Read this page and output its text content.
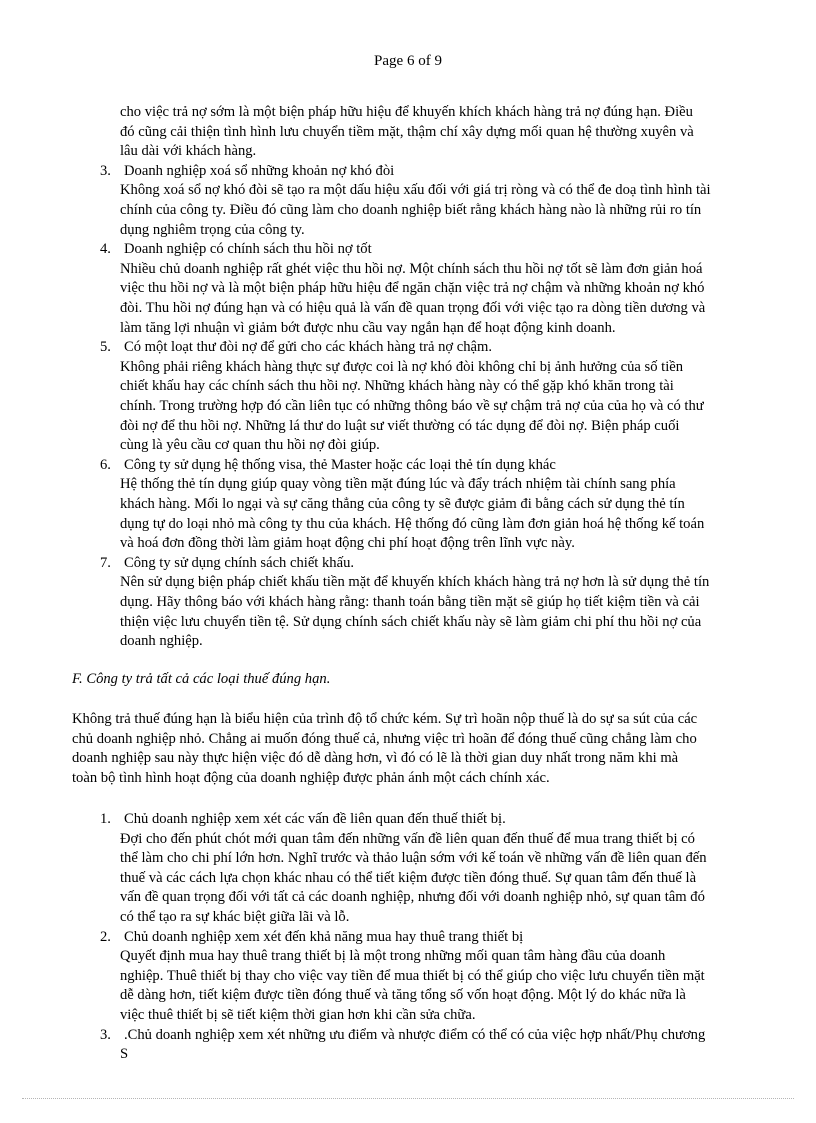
Page 6 of 9
cho việc trả nợ sớm là một biện pháp hữu hiệu để khuyến khích khách hàng trả nợ đúng hạn. Điều
đó cũng cải thiện tình hình lưu chuyển tiềm mặt, thậm chí xây dựng mối quan hệ thường xuyên và
lâu dài với khách hàng.
3. Doanh nghiệp xoá sổ những khoản nợ khó đòi
Không xoá sổ nợ khó đòi sẽ tạo ra một dấu hiệu xấu đối với giá trị ròng và có thể đe doạ tình hình tài
chính của công ty. Điều đó cũng làm cho doanh nghiệp biết rằng khách hàng nào là những rủi ro tín
dụng nghiêm trọng của công ty.
4. Doanh nghiệp có chính sách thu hồi nợ tốt
Nhiều chủ doanh nghiệp rất ghét việc thu hồi nợ. Một chính sách thu hồi nợ tốt sẽ làm đơn giản hoá
việc thu hồi nợ và là một biện pháp hữu hiệu để ngăn chặn việc trả nợ chậm và những khoản nợ khó
đòi. Thu hồi nợ đúng hạn và có hiệu quả là vấn đề quan trọng đối với việc tạo ra dòng tiền dương và
làm tăng lợi nhuận vì giảm bớt được nhu cầu vay ngắn hạn để hoạt động kinh doanh.
5. Có một loạt thư đòi nợ để gửi cho các khách hàng trả nợ chậm.
Không phải riêng khách hàng thực sự được coi là nợ khó đòi không chỉ bị ảnh hưởng của số tiền
chiết khấu hay các chính sách thu hồi nợ. Những khách hàng này có thể gặp khó khăn trong tài
chính. Trong trường hợp đó cần liên tục có những thông báo về sự chậm trả nợ của của họ và có thư
đòi nợ để thu hồi nợ. Những lá thư do luật sư viết thường có tác dụng để đòi nợ. Biện pháp cuối
cùng là yêu cầu cơ quan thu hồi nợ đòi giúp.
6. Công ty sử dụng hệ thống visa, thẻ Master hoặc các loại thẻ tín dụng khác
Hệ thống thẻ tín dụng giúp quay vòng tiền mặt đúng lúc và đẩy trách nhiệm tài chính sang phía
khách hàng. Mối lo ngại và sự căng thẳng của công ty sẽ được giảm đi bằng cách sử dụng thẻ tín
dụng tự do loại nhỏ mà công ty thu của khách. Hệ thống đó cũng làm đơn giản hoá hệ thống kế toán
và hoá đơn đồng thời làm giảm hoạt động chi phí hoạt động trên lĩnh vực này.
7. Công ty sử dụng chính sách chiết khấu.
Nên sử dụng biện pháp chiết khấu tiền mặt để khuyến khích khách hàng trả nợ hơn là sử dụng thẻ tín
dụng. Hãy thông báo với khách hàng rằng: thanh toán bằng tiền mặt sẽ giúp họ tiết kiệm tiền và cải
thiện việc lưu chuyển tiền tệ. Sử dụng chính sách chiết khấu này sẽ làm giảm chi phí thu hồi nợ của
doanh nghiệp.
F. Công ty trả tất cả các loại thuế đúng hạn.
Không trả thuế đúng hạn là biểu hiện của trình độ tổ chức kém. Sự trì hoãn nộp thuế là do sự sa sút của các
chủ doanh nghiệp nhỏ. Chẳng ai muốn đóng thuế cả, nhưng việc trì hoãn để đóng thuế cũng chẳng làm cho
doanh nghiệp sau này thực hiện việc đó dễ dàng hơn, vì đó có lẽ là thời gian duy nhất trong năm khi mà
toàn bộ tình hình hoạt động của doanh nghiệp được phản ánh một cách chính xác.
1. Chủ doanh nghiệp xem xét các vấn đề liên quan đến thuế thiết bị.
Đợi cho đến phút chót mới quan tâm đến những vấn đề liên quan đến thuế để mua trang thiết bị có
thể làm cho chi phí lớn hơn. Nghĩ trước và thảo luận sớm với kế toán về những vấn đề liên quan đến
thuế và các cách lựa chọn khác nhau có thể tiết kiệm được tiền đóng thuế. Sự quan tâm đến thuế là
vấn đề quan trọng đối với tất cả các doanh nghiệp, nhưng đối với doanh nghiệp nhỏ, sự quan tâm đó
có thể tạo ra sự khác biệt giữa lãi và lỗ.
2. Chủ doanh nghiệp xem xét đến khả năng mua hay thuê trang thiết bị
Quyết định mua hay thuê trang thiết bị là một trong những mối quan tâm hàng đầu của doanh
nghiệp. Thuê thiết bị thay cho việc vay tiền để mua thiết bị có thể giúp cho việc lưu chuyển tiền mặt
dễ dàng hơn, tiết kiệm được tiền đóng thuế và tăng tổng số vốn hoạt động. Một lý do khác nữa là
việc thuê thiết bị sẽ tiết kiệm thời gian hơn khi cần sửa chữa.
3. .Chủ doanh nghiệp xem xét những ưu điểm và nhược điểm có thể có của việc hợp nhất/Phụ chương
S
